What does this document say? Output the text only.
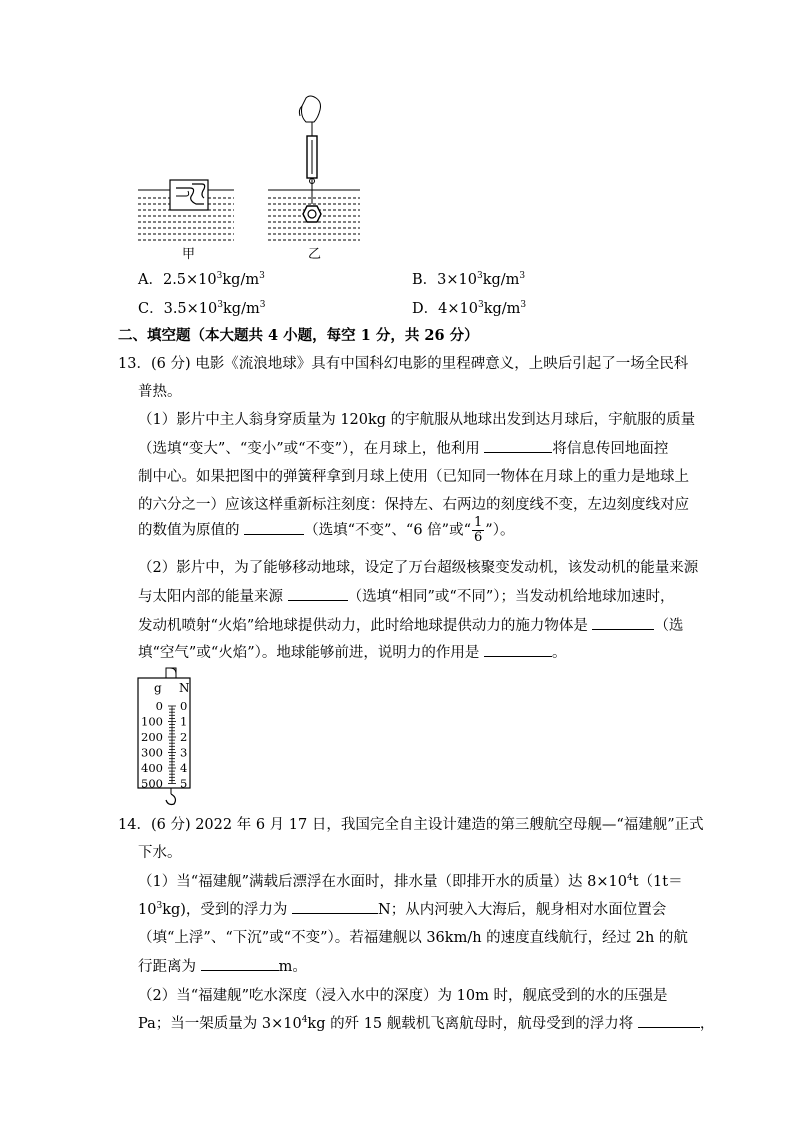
甲	乙
A．$2.5\times 10^3kg/m^3$	B．$3\times 10^3kg/m^3$
C．$3.5\times 10^3kg/m^3$	D．$4\times 10^3kg/m^3$
二、填空题（本大题共 4 小题，每空 1 分，共 26 分）
13．(6 分) 电影《流浪地球》具有中国科幻电影的里程碑意义，上映后引起了一场全民科
普热。
（1）影片中主人翁身穿质量为 120kg 的宇航服从地球出发到达月球后，宇航服的质量
（选填“变大”、“变小”或“不变”），在月球上，他利用	将信息传回地面控
制中心。如果把图中的弹簧秤拿到月球上使用（已知同一物体在月球上的重力是地球上
的六分之一）应该这样重新标注刻度：保持左、右两边的刻度线不变，左边刻度线对应
的数值为原值的	（选填“不变”、“6 倍”或“ $\frac{1}{6}$ ”）。
（2）影片中，为了能够移动地球，设定了万台超级核聚变发动机，该发动机的能量来源
与太阳内部的能量来源	（选填“相同”或“不同”）；当发动机给地球加速时，
发动机喷射“火焰”给地球提供动力，此时给地球提供动力的施力物体是	（选
填“空气”或“火焰”）。地球能够前进，说明力的作用是	。
g N
0 0
100 1
200 2
300 3
400 4
500 5
14．(6 分) 2022 年 6 月 17 日，我国完全自主设计建造的第三艘航空母舰—“福建舰”正式
下水。
（1）当“福建舰”满载后漂浮在水面时，排水量（即排开水的质量）达 $8\times 10^4t(1t=$
$10^3kg$)，受到的浮力为	N；从内河驶入大海后，舰身相对水面位置会
（填“上浮”、“下沉”或“不变”）。若福建舰以 36km/h 的速度直线航行，经过 2h 的航
行距离为	m。
（2）当“福建舰”吃水深度（浸入水中的深度）为 10m 时，舰底受到的水的压强是
Pa；当一架质量为 $3\times 10^4kg$ 的歼 15 舰载机飞离航母时，航母受到的浮力将	，
